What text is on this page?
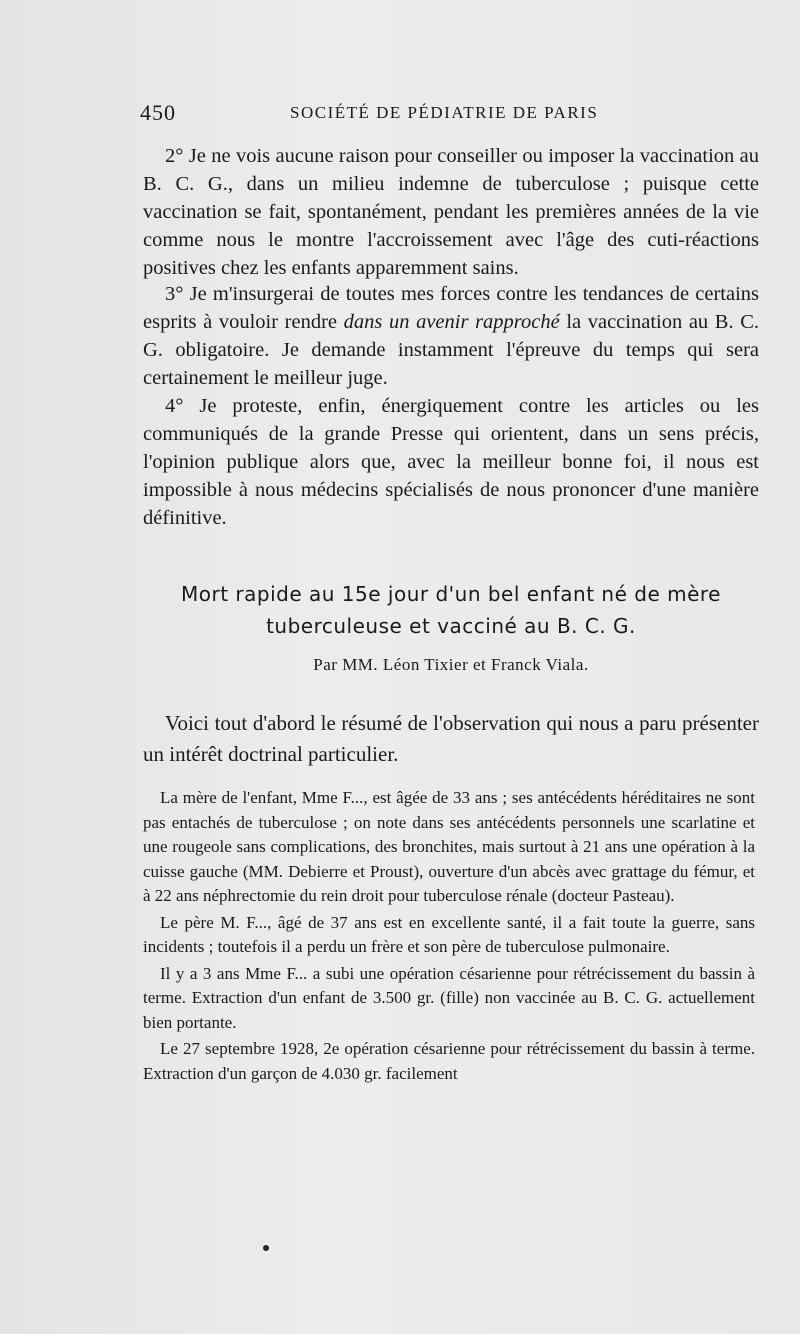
450	SOCIÉTÉ DE PÉDIATRIE DE PARIS

2° Je ne vois aucune raison pour conseiller ou imposer la vaccination au B. C. G., dans un milieu indemne de tuberculose ; puisque cette vaccination se fait, spontanément, pendant les premières années de la vie comme nous le montre l'accroissement avec l'âge des cuti-réactions positives chez les enfants apparemment sains.

3° Je m'insurgerai de toutes mes forces contre les tendances de certains esprits à vouloir rendre dans un avenir rapproché la vaccination au B. C. G. obligatoire. Je demande instamment l'épreuve du temps qui sera certainement le meilleur juge.

4° Je proteste, enfin, énergiquement contre les articles ou les communiqués de la grande Presse qui orientent, dans un sens précis, l'opinion publique alors que, avec la meilleur bonne foi, il nous est impossible à nous médecins spécialisés de nous prononcer d'une manière définitive.

Mort rapide au 15e jour d'un bel enfant né de mère
tuberculeuse et vacciné au B. C. G.
Par MM. Léon Tixier et Franck Viala.

Voici tout d'abord le résumé de l'observation qui nous a paru présenter un intérêt doctrinal particulier.

La mère de l'enfant, Mme F..., est âgée de 33 ans ; ses antécédents héréditaires ne sont pas entachés de tuberculose ; on note dans ses antécédents personnels une scarlatine et une rougeole sans complications, des bronchites, mais surtout à 21 ans une opération à la cuisse gauche (MM. Debierre et Proust), ouverture d'un abcès avec grattage du fémur, et à 22 ans néphrectomie du rein droit pour tuberculose rénale (docteur Pasteau).

Le père M. F..., âgé de 37 ans est en excellente santé, il a fait toute la guerre, sans incidents ; toutefois il a perdu un frère et son père de tuberculose pulmonaire.

Il y a 3 ans Mme F... a subi une opération césarienne pour rétrécissement du bassin à terme. Extraction d'un enfant de 3.500 gr. (fille) non vaccinée au B. C. G. actuellement bien portante.

Le 27 septembre 1928, 2e opération césarienne pour rétrécissement du bassin à terme. Extraction d'un garçon de 4.030 gr. facilement
